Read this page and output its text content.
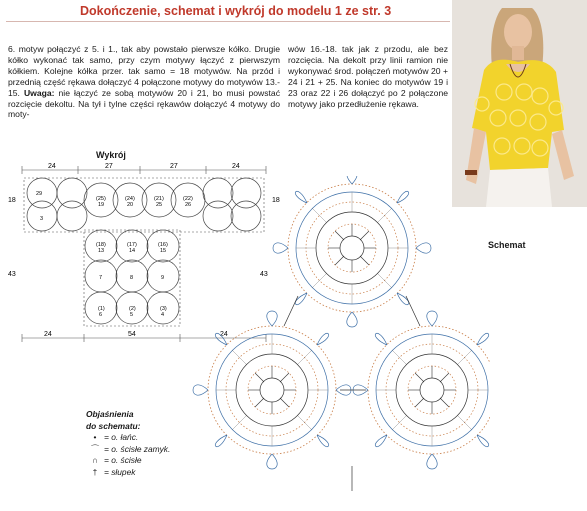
Dokończenie, schemat i wykrój do modelu 1 ze str. 3
6. motyw połączyć z 5. i 1., tak aby powstało pierwsze kółko. Drugie kółko wykonać tak samo, przy czym motywy łączyć z pierwszym kółkiem. Kolejne kółka przer. tak samo = 18 motywów. Na przód i przednią część rękawa dołączyć 4 połączone motywy do motywów 13.- 15. Uwaga: nie łączyć ze sobą motywów 20 i 21, bo musi powstać rozcięcie dekoltu. Na tył i tylne części rękawów dołączyć 4 motywy do moty-
wów 16.-18. tak jak z przodu, ale bez rozcięcia. Na dekolt przy linii ramion nie wykonywać środ. połączeń motywów 20 + 24 i 21 + 25. Na koniec do motywów 19 i 23 oraz 22 i 26 dołączyć po 2 połączone motywy jako przedłużenie rękawa.
Wykrój
24	27	27	24
18	18
43	43
29
(25)
19
(24)
20
(21)
25
(22)
26
3
(18)
13
(17)
14
(16)
15
7	8	9
(1)
6
(2)
5
(3)
4
24	54	24
Schemat
Objaśnienia
do schematu:
• = o. łańc.
⌒ = o. ścisłe zamyk.
∩ = o. ścisłe
† = słupek
